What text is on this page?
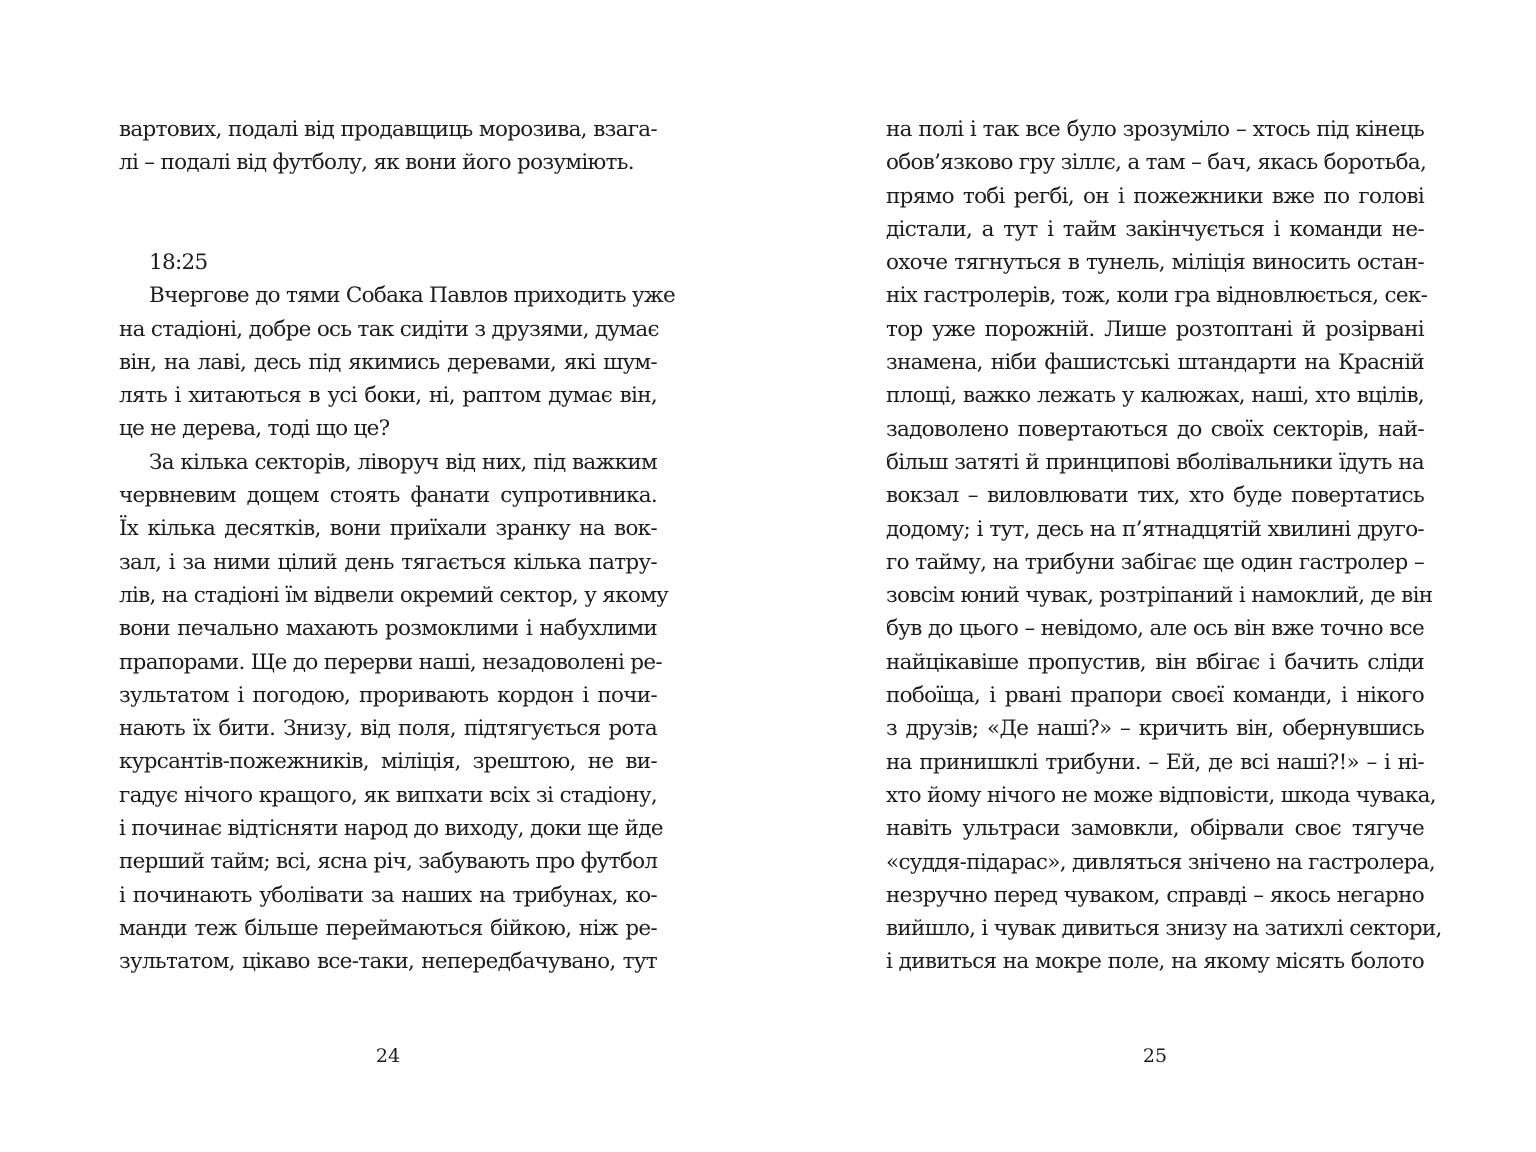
вартових, подалі від продавщиць морозива, взага-
лі – подалі від футболу, як вони його розуміють.
18:25
Вчергове до тями Собака Павлов приходить уже
на стадіоні, добре ось так сидіти з друзями, думає
він, на лаві, десь під якимись деревами, які шум-
лять і хитаються в усі боки, ні, раптом думає він,
це не дерева, тоді що це?
За кілька секторів, ліворуч від них, під важким
червневим дощем стоять фанати супротивника.
Їх кілька десятків, вони приїхали зранку на вок-
зал, і за ними цілий день тягається кілька патру-
лів, на стадіоні їм відвели окремий сектор, у якому
вони печально махають розмоклими і набухлими
прапорами. Ще до перерви наші, незадоволені ре-
зультатом і погодою, проривають кордон і почи-
нають їх бити. Знизу, від поля, підтягується рота
курсантів-пожежників, міліція, зрештою, не ви-
гадує нічого кращого, як випхати всіх зі стадіону,
і починає відтісняти народ до виходу, доки ще йде
перший тайм; всі, ясна річ, забувають про футбол
і починають уболівати за наших на трибунах, ко-
манди теж більше переймаються бійкою, ніж ре-
зультатом, цікаво все-таки, непередбачувано, тут
24
на полі і так все було зрозуміло – хтось під кінець
обов’язково гру зіллє, а там – бач, якась боротьба,
прямо тобі регбі, он і пожежники вже по голові
дістали, а тут і тайм закінчується і команди не-
охоче тягнуться в тунель, міліція виносить остан-
ніх гастролерів, тож, коли гра відновлюється, сек-
тор уже порожній. Лише розтоптані й розірвані
знамена, ніби фашистські штандарти на Красній
площі, важко лежать у калюжах, наші, хто вцілів,
задоволено повертаються до своїх секторів, най-
більш затяті й принципові вболівальники їдуть на
вокзал – виловлювати тих, хто буде повертатись
додому; і тут, десь на п’ятнадцятій хвилині друго-
го тайму, на трибуни забігає ще один гастролер –
зовсім юний чувак, розтріпаний і намоклий, де він
був до цього – невідомо, але ось він вже точно все
найцікавіше пропустив, він вбігає і бачить сліди
побоїща, і рвані прапори своєї команди, і нікого
з друзів; «Де наші?» – кричить він, обернувшись
на принишклі трибуни. – Ей, де всі наші?!» – і ні-
хто йому нічого не може відповісти, шкода чувака,
навіть ультраси замовкли, обірвали своє тягуче
«суддя-підарас», дивляться знічено на гастролера,
незручно перед чуваком, справді – якось негарно
вийшло, і чувак дивиться знизу на затихлі сектори,
і дивиться на мокре поле, на якому місять болото
25
